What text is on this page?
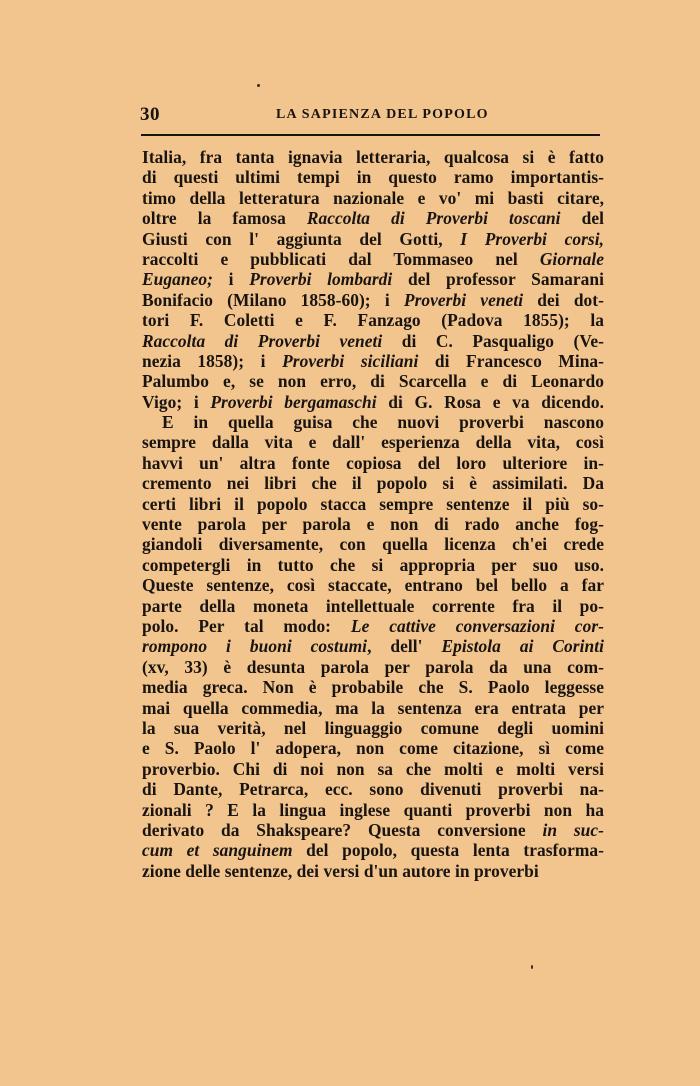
30	LA SAPIENZA DEL POPOLO
Italia, fra tanta ignavia letteraria, qualcosa si è fatto
di questi ultimi tempi in questo ramo importantis-
timo della letteratura nazionale e vo' mi basti citare,
oltre la famosa Raccolta di Proverbi toscani del
Giusti con l' aggiunta del Gotti, I Proverbi corsi,
raccolti e pubblicati dal Tommaseo nel Giornale
Euganeo; i Proverbi lombardi del professor Samarani
Bonifacio (Milano 1858-60); i Proverbi veneti dei dot-
tori F. Coletti e F. Fanzago (Padova 1855); la
Raccolta di Proverbi veneti di C. Pasqualigo (Ve-
nezia 1858); i Proverbi siciliani di Francesco Mina-
Palumbo e, se non erro, di Scarcella e di Leonardo
Vigo; i Proverbi bergamaschi di G. Rosa e va dicendo.
E in quella guisa che nuovi proverbi nascono
sempre dalla vita e dall' esperienza della vita, così
havvi un' altra fonte copiosa del loro ulteriore in-
cremento nei libri che il popolo si è assimilati. Da
certi libri il popolo stacca sempre sentenze il più so-
vente parola per parola e non di rado anche fog-
giandoli diversamente, con quella licenza ch'ei crede
competergli in tutto che si appropria per suo uso.
Queste sentenze, così staccate, entrano bel bello a far
parte della moneta intellettuale corrente fra il po-
polo. Per tal modo: Le cattive conversazioni cor-
rompono i buoni costumi, dell' Epistola ai Corinti
(xv, 33) è desunta parola per parola da una com-
media greca. Non è probabile che S. Paolo leggesse
mai quella commedia, ma la sentenza era entrata per
la sua verità, nel linguaggio comune degli uomini
e S. Paolo l' adopera, non come citazione, sì come
proverbio. Chi di noi non sa che molti e molti versi
di Dante, Petrarca, ecc. sono divenuti proverbi na-
zionali ? E la lingua inglese quanti proverbi non ha
derivato da Shakspeare? Questa conversione in suc-
cum et sanguinem del popolo, questa lenta trasforma-
zione delle sentenze, dei versi d'un autore in proverbi
